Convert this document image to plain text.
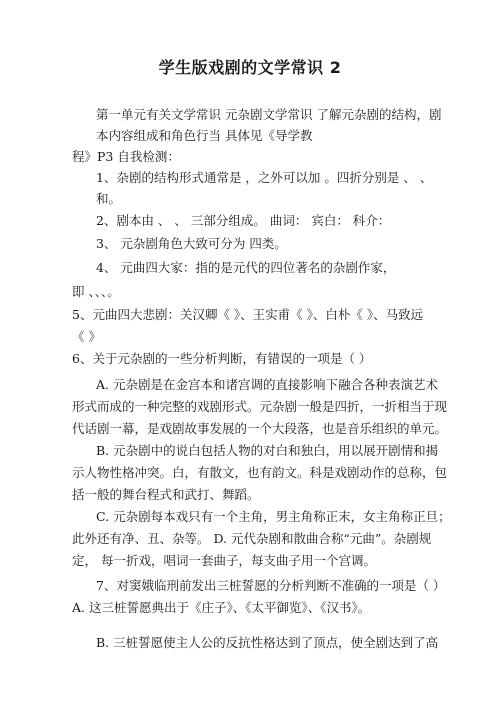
学生版戏剧的文学常识 2
第一单元有关文学常识 元杂剧文学常识 了解元杂剧的结构，剧
本内容组成和角色行当 具体见《导学教
程》P3 自我检测：
1、杂剧的结构形式通常是 ，之外可以加 。四折分别是 、 、
和。
2、剧本由 、 、 三部分组成。 曲词： 宾白： 科介：
3、 元杂剧角色大致可分为 四类。
4、 元曲四大家：指的是元代的四位著名的杂剧作家，
即 、、、。
5、元曲四大悲剧：关汉卿《 》、王实甫《 》、白朴《 》、马致远
《 》
6、关于元杂剧的一些分析判断，有错误的一项是（ ）
A. 元杂剧是在金宫本和诸宫调的直接影响下融合各种表演艺术
形式而成的一种完整的戏剧形式。元杂剧一般是四折，一折相当于现
代话剧一幕，是戏剧故事发展的一个大段落，也是音乐组织的单元。
B. 元杂剧中的说白包括人物的对白和独白，用以展开剧情和揭
示人物性格冲突。白，有散文，也有韵文。科是戏剧动作的总称，包
括一般的舞台程式和武打、舞蹈。
C. 元杂剧每本戏只有一个主角，男主角称正末，女主角称正旦；
此外还有净、丑、杂等。 D. 元代杂剧和散曲合称“元曲”。杂剧规
定， 每一折戏，唱词一套曲子，每支曲子用一个宫调。
7、对窦娥临刑前发出三桩誓愿的分析判断不准确的一项是（ ）
A. 这三桩誓愿典出于《庄子》、《太平御览》、《汉书》。
B. 三桩誓愿使主人公的反抗性格达到了顶点，使全剧达到了高
